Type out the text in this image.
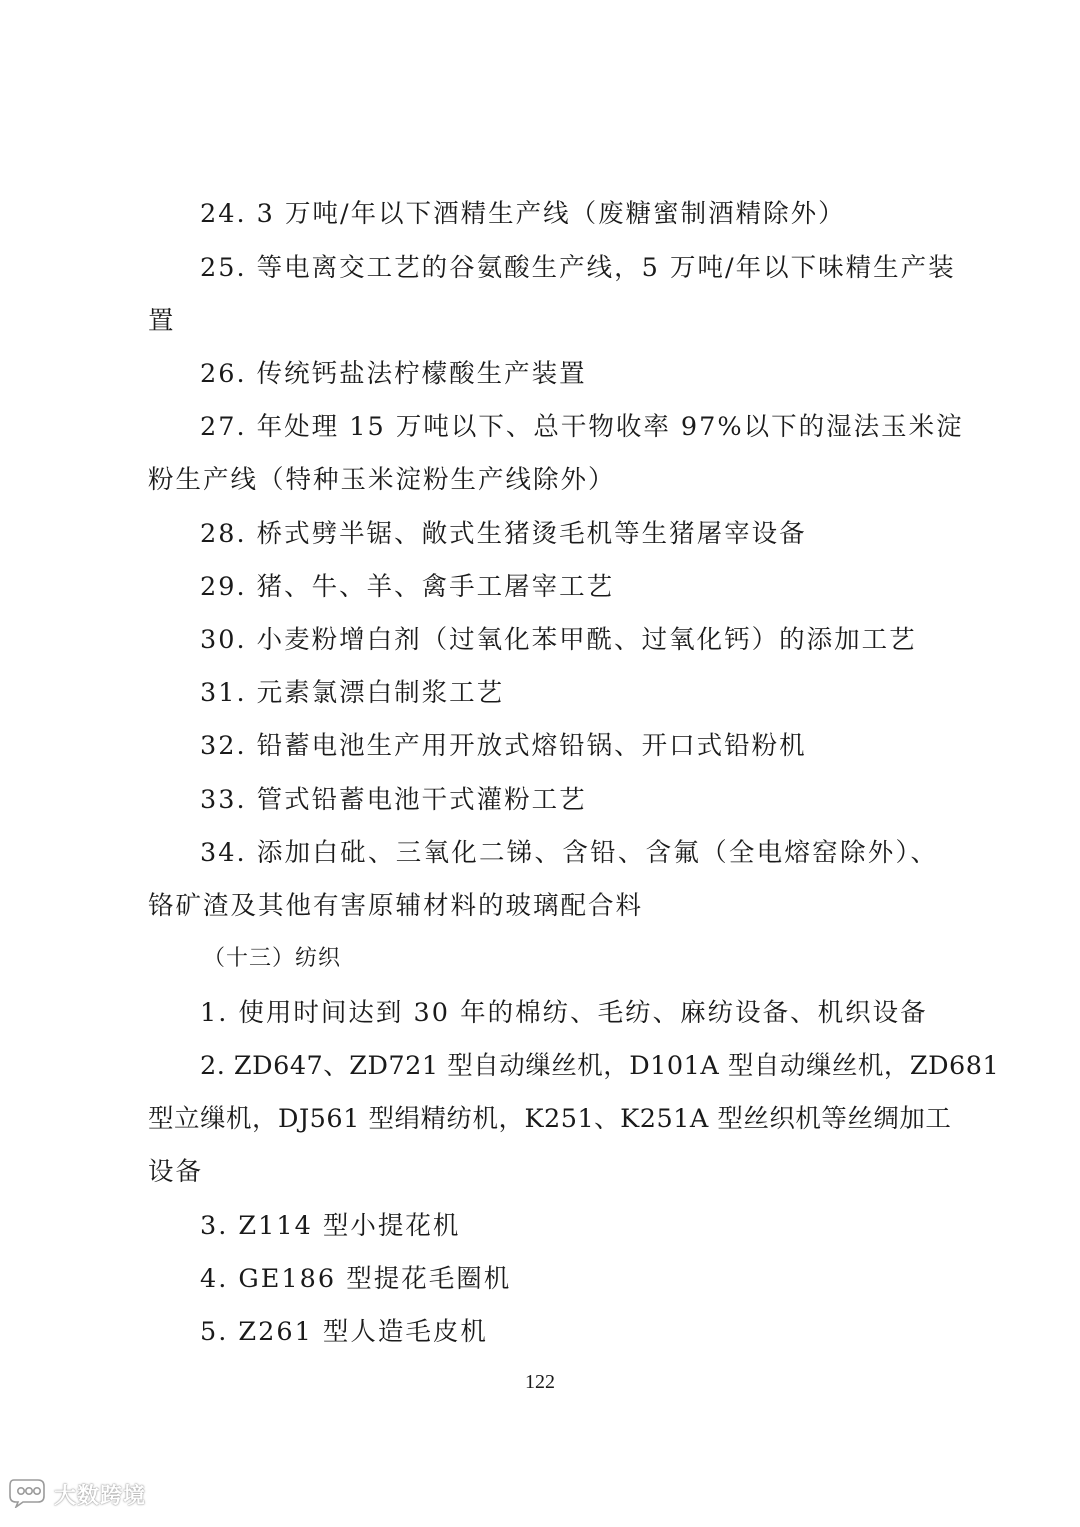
24. 3 万吨/年以下酒精生产线（废糖蜜制酒精除外）
25. 等电离交工艺的谷氨酸生产线，5 万吨/年以下味精生产装
置
26. 传统钙盐法柠檬酸生产装置
27. 年处理 15 万吨以下、总干物收率 97%以下的湿法玉米淀
粉生产线（特种玉米淀粉生产线除外）
28. 桥式劈半锯、敞式生猪烫毛机等生猪屠宰设备
29. 猪、牛、羊、禽手工屠宰工艺
30. 小麦粉增白剂（过氧化苯甲酰、过氧化钙）的添加工艺
31. 元素氯漂白制浆工艺
32. 铅蓄电池生产用开放式熔铅锅、开口式铅粉机
33. 管式铅蓄电池干式灌粉工艺
34. 添加白砒、三氧化二锑、含铅、含氟（全电熔窑除外）、
铬矿渣及其他有害原辅材料的玻璃配合料
（十三）纺织
1. 使用时间达到 30 年的棉纺、毛纺、麻纺设备、机织设备
2. ZD647、ZD721 型自动缫丝机，D101A 型自动缫丝机，ZD681
型立缫机，DJ561 型绢精纺机，K251、K251A 型丝织机等丝绸加工
设备
3. Z114 型小提花机
4. GE186 型提花毛圈机
5. Z261 型人造毛皮机
122
大数跨境
